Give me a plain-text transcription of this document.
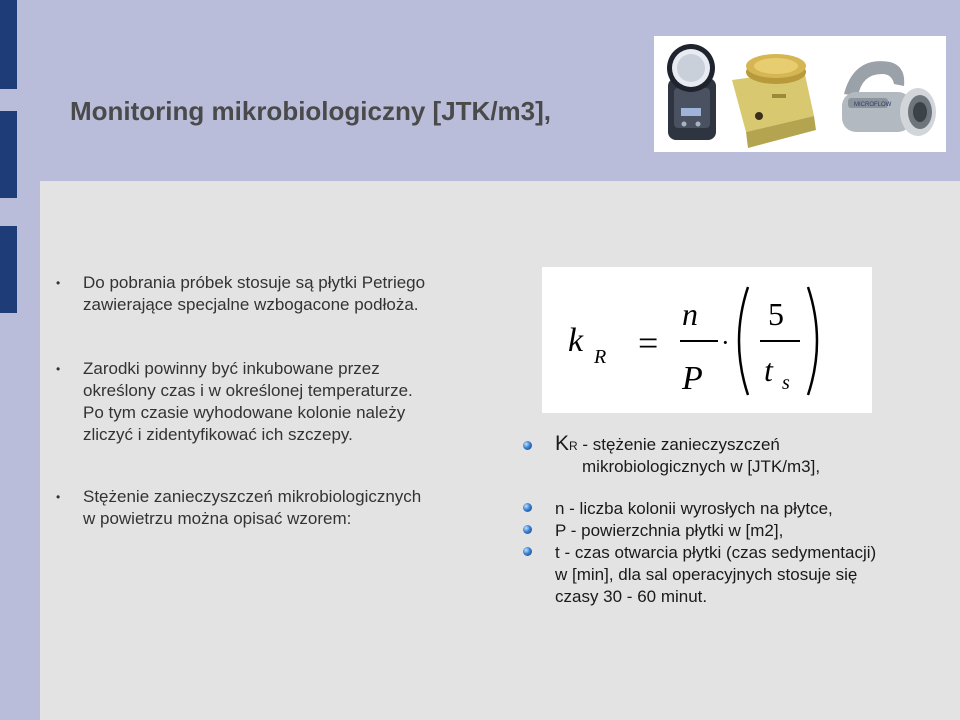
Monitoring mikrobiologiczny [JTK/m3],	MICROFLOW
• Do pobrania próbek stosuje są płytki Petriego
zawierające specjalne wzbogacone podłoża.
• Zarodki powinny być inkubowane przez
określony czas i w określonej temperaturze.
Po tym czasie wyhodowane kolonie należy
zliczyć i zidentyfikować ich szczepy.
• Stężenie zanieczyszczeń mikrobiologicznych
w powietrzu można opisać wzorem:
k R
n
P t s
= ·
5
KR - stężenie zanieczyszczeń
mikrobiologicznych w [JTK/m3],
n - liczba kolonii wyrosłych na płytce,
P - powierzchnia płytki w [m2],
t - czas otwarcia płytki (czas sedymentacji)
w [min], dla sal operacyjnych stosuje się
czasy 30 - 60 minut.
